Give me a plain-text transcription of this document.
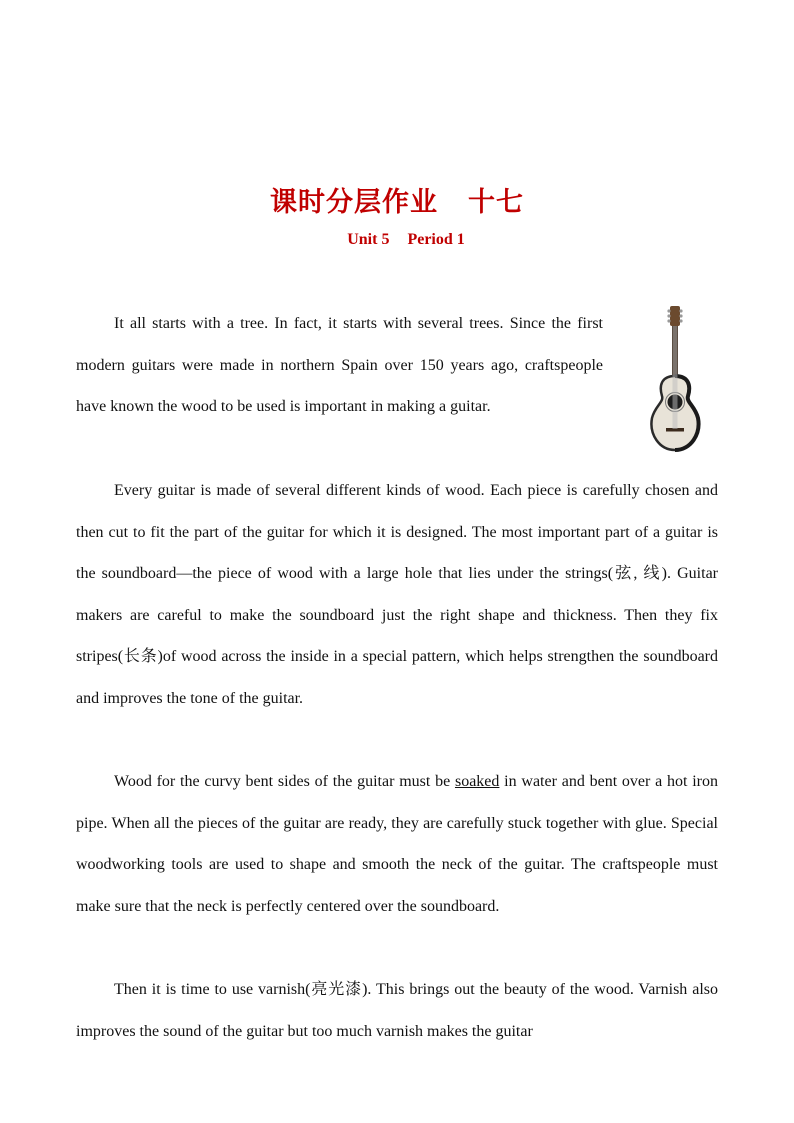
课时分层作业 十七
Unit 5 Period 1

It all starts with a tree. In fact, it starts with several trees. Since the first modern guitars were made in northern Spain over 150 years ago, craftspeople have known the wood to be used is important in making a guitar.

Every guitar is made of several different kinds of wood. Each piece is carefully chosen and then cut to fit the part of the guitar for which it is designed. The most important part of a guitar is the soundboard—the piece of wood with a large hole that lies under the strings(弦, 线). Guitar makers are careful to make the soundboard just the right shape and thickness. Then they fix stripes(长条)of wood across the inside in a special pattern, which helps strengthen the soundboard and improves the tone of the guitar.

Wood for the curvy bent sides of the guitar must be soaked in water and bent over a hot iron pipe. When all the pieces of the guitar are ready, they are carefully stuck together with glue. Special woodworking tools are used to shape and smooth the neck of the guitar. The craftspeople must make sure that the neck is perfectly centered over the soundboard.

Then it is time to use varnish(亮光漆). This brings out the beauty of the wood. Varnish also improves the sound of the guitar but too much varnish makes the guitar
